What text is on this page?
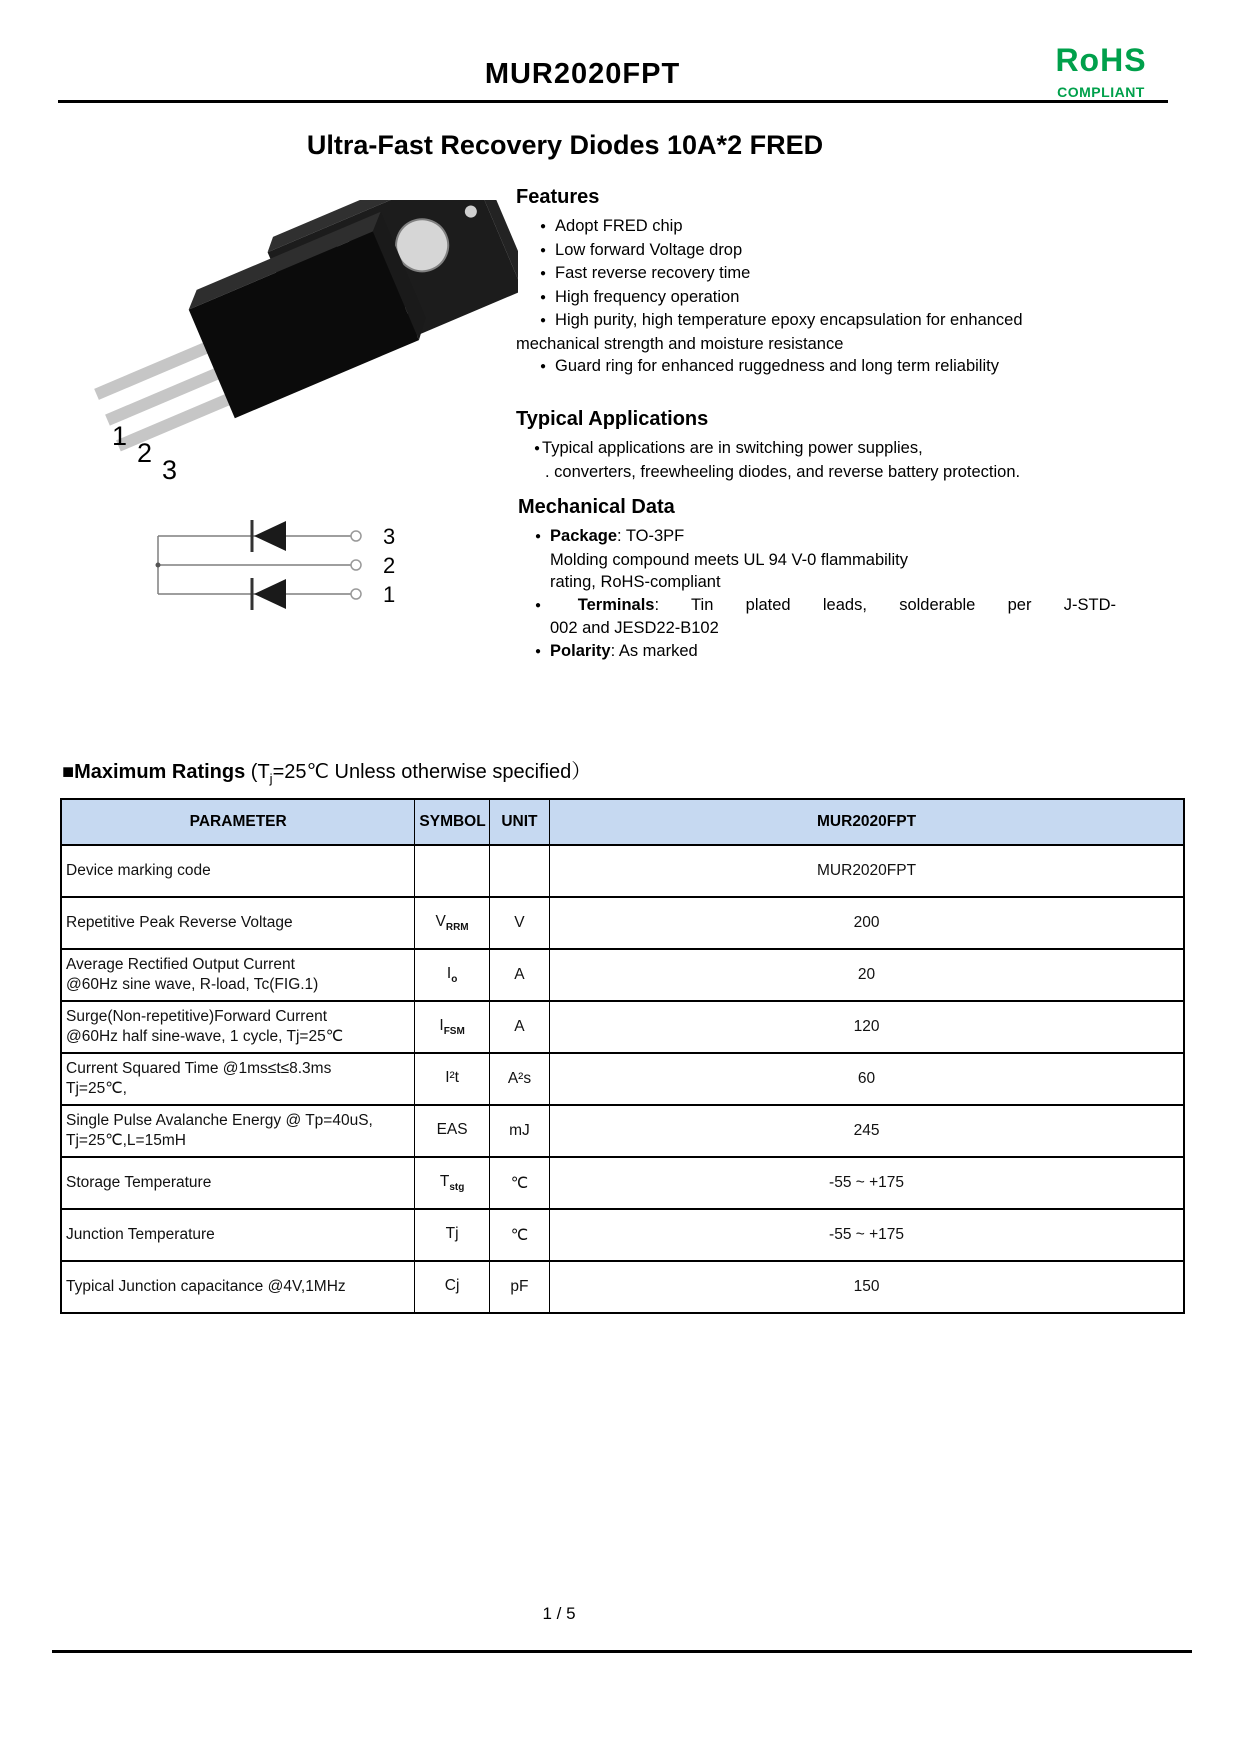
MUR2020FPT	RoHS
COMPLIANT
Ultra-Fast Recovery Diodes 10A*2 FRED
1
2
3
3
2
1
Features
● Adopt FRED chip
● Low forward Voltage drop
● Fast reverse recovery time
● High frequency operation
● High purity, high temperature epoxy encapsulation for enhanced mechanical strength and moisture resistance
● Guard ring for enhanced ruggedness and long term reliability
Typical Applications
● Typical applications are in switching power supplies,
. converters, freewheeling diodes, and reverse battery protection.
Mechanical Data
● Package: TO-3PF
Molding compound meets UL 94 V-0 flammability
rating, RoHS-compliant
● Terminals: Tin plated leads, solderable per J-STD-
002 and JESD22-B102
● Polarity: As marked
■Maximum Ratings ($T_j=25℃$ Unless otherwise specified）
PARAMETER	SYMBOL	UNIT	MUR2020FPT

Device marking code			MUR2020FPT

Repetitive Peak Reverse Voltage	$V_{RRM}$	V	200

Average Rectified Output Current
@60Hz sine wave, R-load, Tc(FIG.1)	$I_o$	A	20

Surge(Non-repetitive)Forward Current
@60Hz half sine-wave, 1 cycle, Tj=25℃	$I_{FSM}$	A	120

Current Squared Time @1ms≤t≤8.3ms
Tj=25℃,	I²t	A²s	60

Single Pulse Avalanche Energy @ Tp=40uS,
Tj=25℃,L=15mH	EAS	mJ	245

Storage Temperature	$T_{stg}$	℃	-55 ~ +175

Junction Temperature	Tj	℃	-55 ~ +175

Typical Junction capacitance @4V,1MHz	Cj	pF	150
1 / 5
